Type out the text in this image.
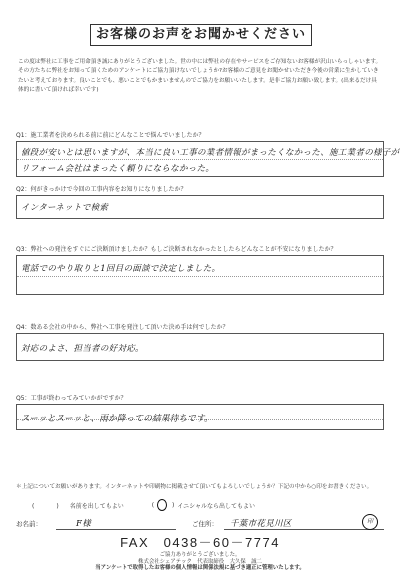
お客様のお声をお聞かせください
この度は弊社に工事をご用命頂き誠にありがとうございました。世の中には弊社の存在やサービスをご存知ないお客様が沢山いらっしゃいます。その方たちに弊社をお知って頂くためのアンケートにご協力頂けないでしょうか?お客様のご意見をお聞かせいただき今後の営業に生かしていきたいと考えております。良いことでも、悪いことでもかまいませんのでご協力をお願いいたします。是非ご協力お願い致します。(出来るだけ具体的に書いて頂ければ幸いです)
Q1：施工業者を決められる前に前にどんなことで悩んでいましたか？
値段が安いとは思いますが、本当に良い工事の業者情報がまったくなかった、施工業者の様子が
リフォーム会社はまったく頼りにならなかった。
Q2：何がきっかけで今回の工事内容をお知りになりましたか？
インターネットで検索
Q3：弊社への発注をすぐにご決断頂けましたか？もしご決断されなかったとしたらどんなことが不安になりましたか？
電話でのやり取りと1回目の面談で決定しました。
Q4：数ある会社の中から、弊社へ工事を発注して頂いた決め手は何でしたか？
対応のよさ、担当者の好対応。
Q5：工事が終わってみていかがですか？
スーッとスーッと、雨か降っての結果待ちです。
＊上記についてお願いがあります。インターネットや印刷物に掲載させて頂いてもよろしいでしょうか？下記の中から○印をお書きください。
(　) 名前を出してもよい	(	) イニシャルなら出してもよい
お名前：	F様	ご住所：	千葉市花見川区	印
FAX　0438－60－7774
ご協力ありがとうございました。
株式会社シェアテック　代表取締役　大久保　誠二
当アンケートで取得したお客様の個人情報は関係法規に基づき適正に管理いたします。
